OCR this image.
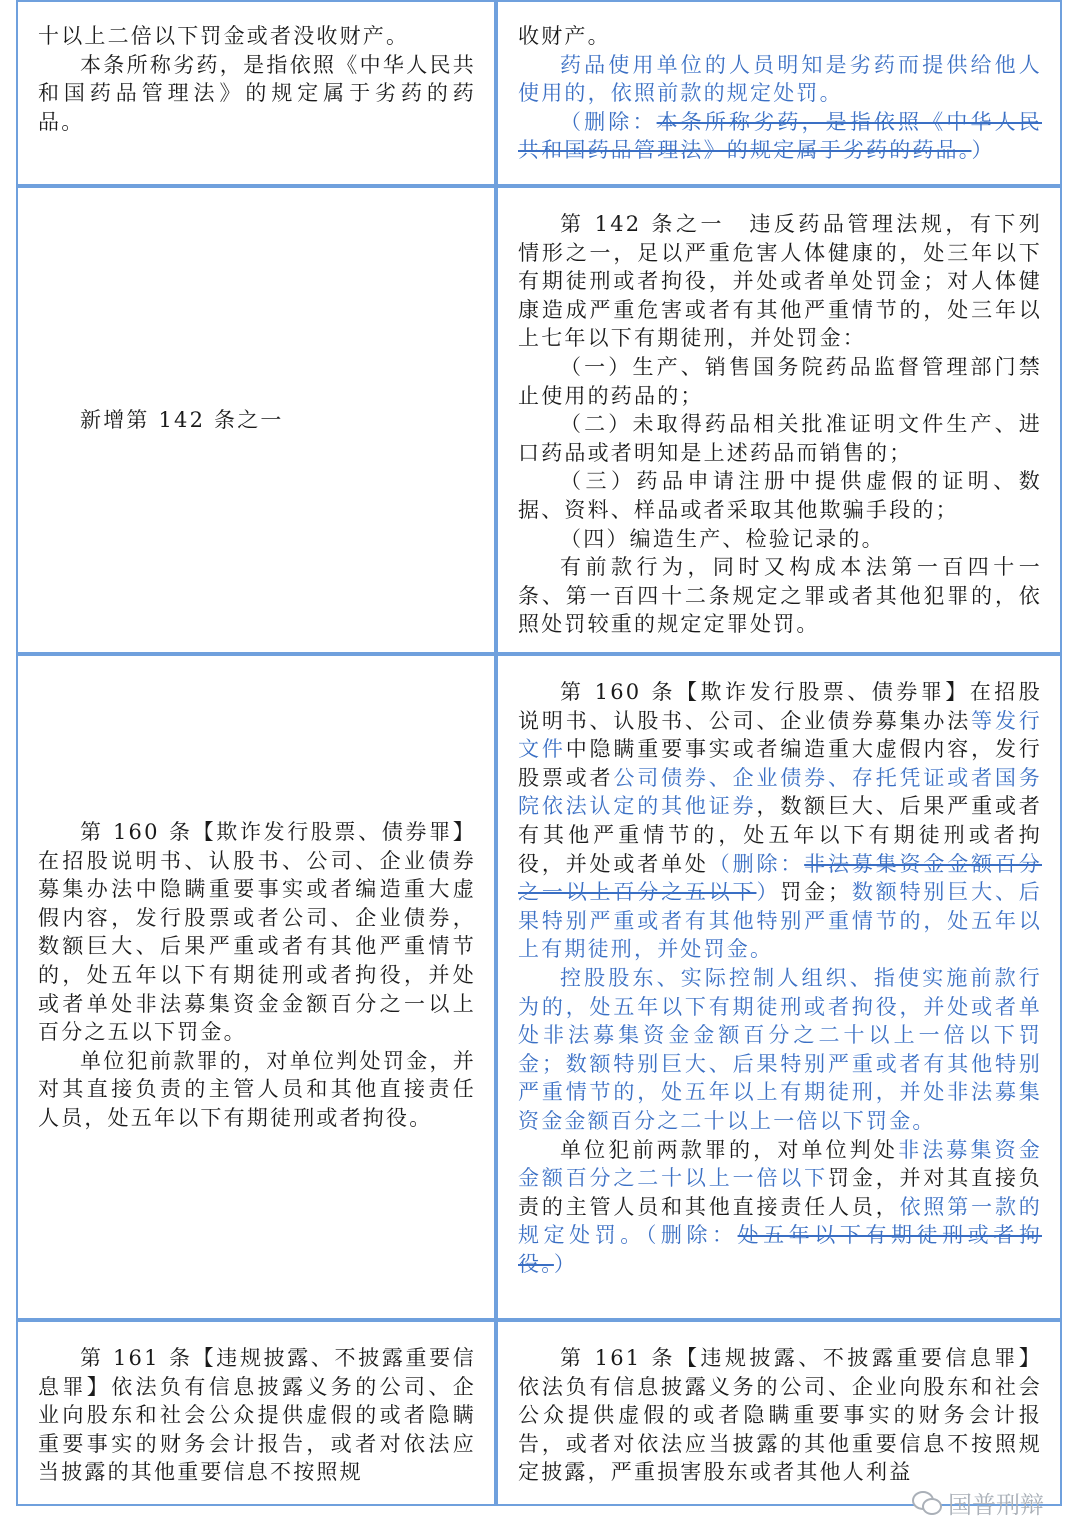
十以上二倍以下罚金或者没收财产。

本条所称劣药，是指依照《中华人民共和国药品管理法》的规定属于劣药的药品。

收财产。

药品使用单位的人员明知是劣药而提供给他人使用的，依照前款的规定处罚。

（删除：本条所称劣药，是指依照《中华人民共和国药品管理法》的规定属于劣药的药品。）

新增第 142 条之一

第 142 条之一　违反药品管理法规，有下列情形之一，足以严重危害人体健康的，处三年以下有期徒刑或者拘役，并处或者单处罚金；对人体健康造成严重危害或者有其他严重情节的，处三年以上七年以下有期徒刑，并处罚金：

（一）生产、销售国务院药品监督管理部门禁止使用的药品的；

（二）未取得药品相关批准证明文件生产、进口药品或者明知是上述药品而销售的；

（三）药品申请注册中提供虚假的证明、数据、资料、样品或者采取其他欺骗手段的；

（四）编造生产、检验记录的。

有前款行为，同时又构成本法第一百四十一条、第一百四十二条规定之罪或者其他犯罪的，依照处罚较重的规定定罪处罚。

第 160 条【欺诈发行股票、债券罪】在招股说明书、认股书、公司、企业债券募集办法中隐瞒重要事实或者编造重大虚假内容，发行股票或者公司、企业债券，数额巨大、后果严重或者有其他严重情节的，处五年以下有期徒刑或者拘役，并处或者单处非法募集资金金额百分之一以上百分之五以下罚金。

单位犯前款罪的，对单位判处罚金，并对其直接负责的主管人员和其他直接责任人员，处五年以下有期徒刑或者拘役。

第 160 条【欺诈发行股票、债券罪】在招股说明书、认股书、公司、企业债券募集办法等发行文件中隐瞒重要事实或者编造重大虚假内容，发行股票或者公司债券、企业债券、存托凭证或者国务院依法认定的其他证券，数额巨大、后果严重或者有其他严重情节的，处五年以下有期徒刑或者拘役，并处或者单处（删除：非法募集资金金额百分之一以上百分之五以下）罚金；数额特别巨大、后果特别严重或者有其他特别严重情节的，处五年以上有期徒刑，并处罚金。

控股股东、实际控制人组织、指使实施前款行为的，处五年以下有期徒刑或者拘役，并处或者单处非法募集资金金额百分之二十以上一倍以下罚金；数额特别巨大、后果特别严重或者有其他特别严重情节的，处五年以上有期徒刑，并处非法募集资金金额百分之二十以上一倍以下罚金。

单位犯前两款罪的，对单位判处非法募集资金金额百分之二十以上一倍以下罚金，并对其直接负责的主管人员和其他直接责任人员，依照第一款的规定处罚。（删除：处五年以下有期徒刑或者拘役。）

第 161 条【违规披露、不披露重要信息罪】依法负有信息披露义务的公司、企业向股东和社会公众提供虚假的或者隐瞒重要事实的财务会计报告，或者对依法应当披露的其他重要信息不按照规

第 161 条【违规披露、不披露重要信息罪】依法负有信息披露义务的公司、企业向股东和社会公众提供虚假的或者隐瞒重要事实的财务会计报告，或者对依法应当披露的其他重要信息不按照规定披露，严重损害股东或者其他人利益

国普刑辩
